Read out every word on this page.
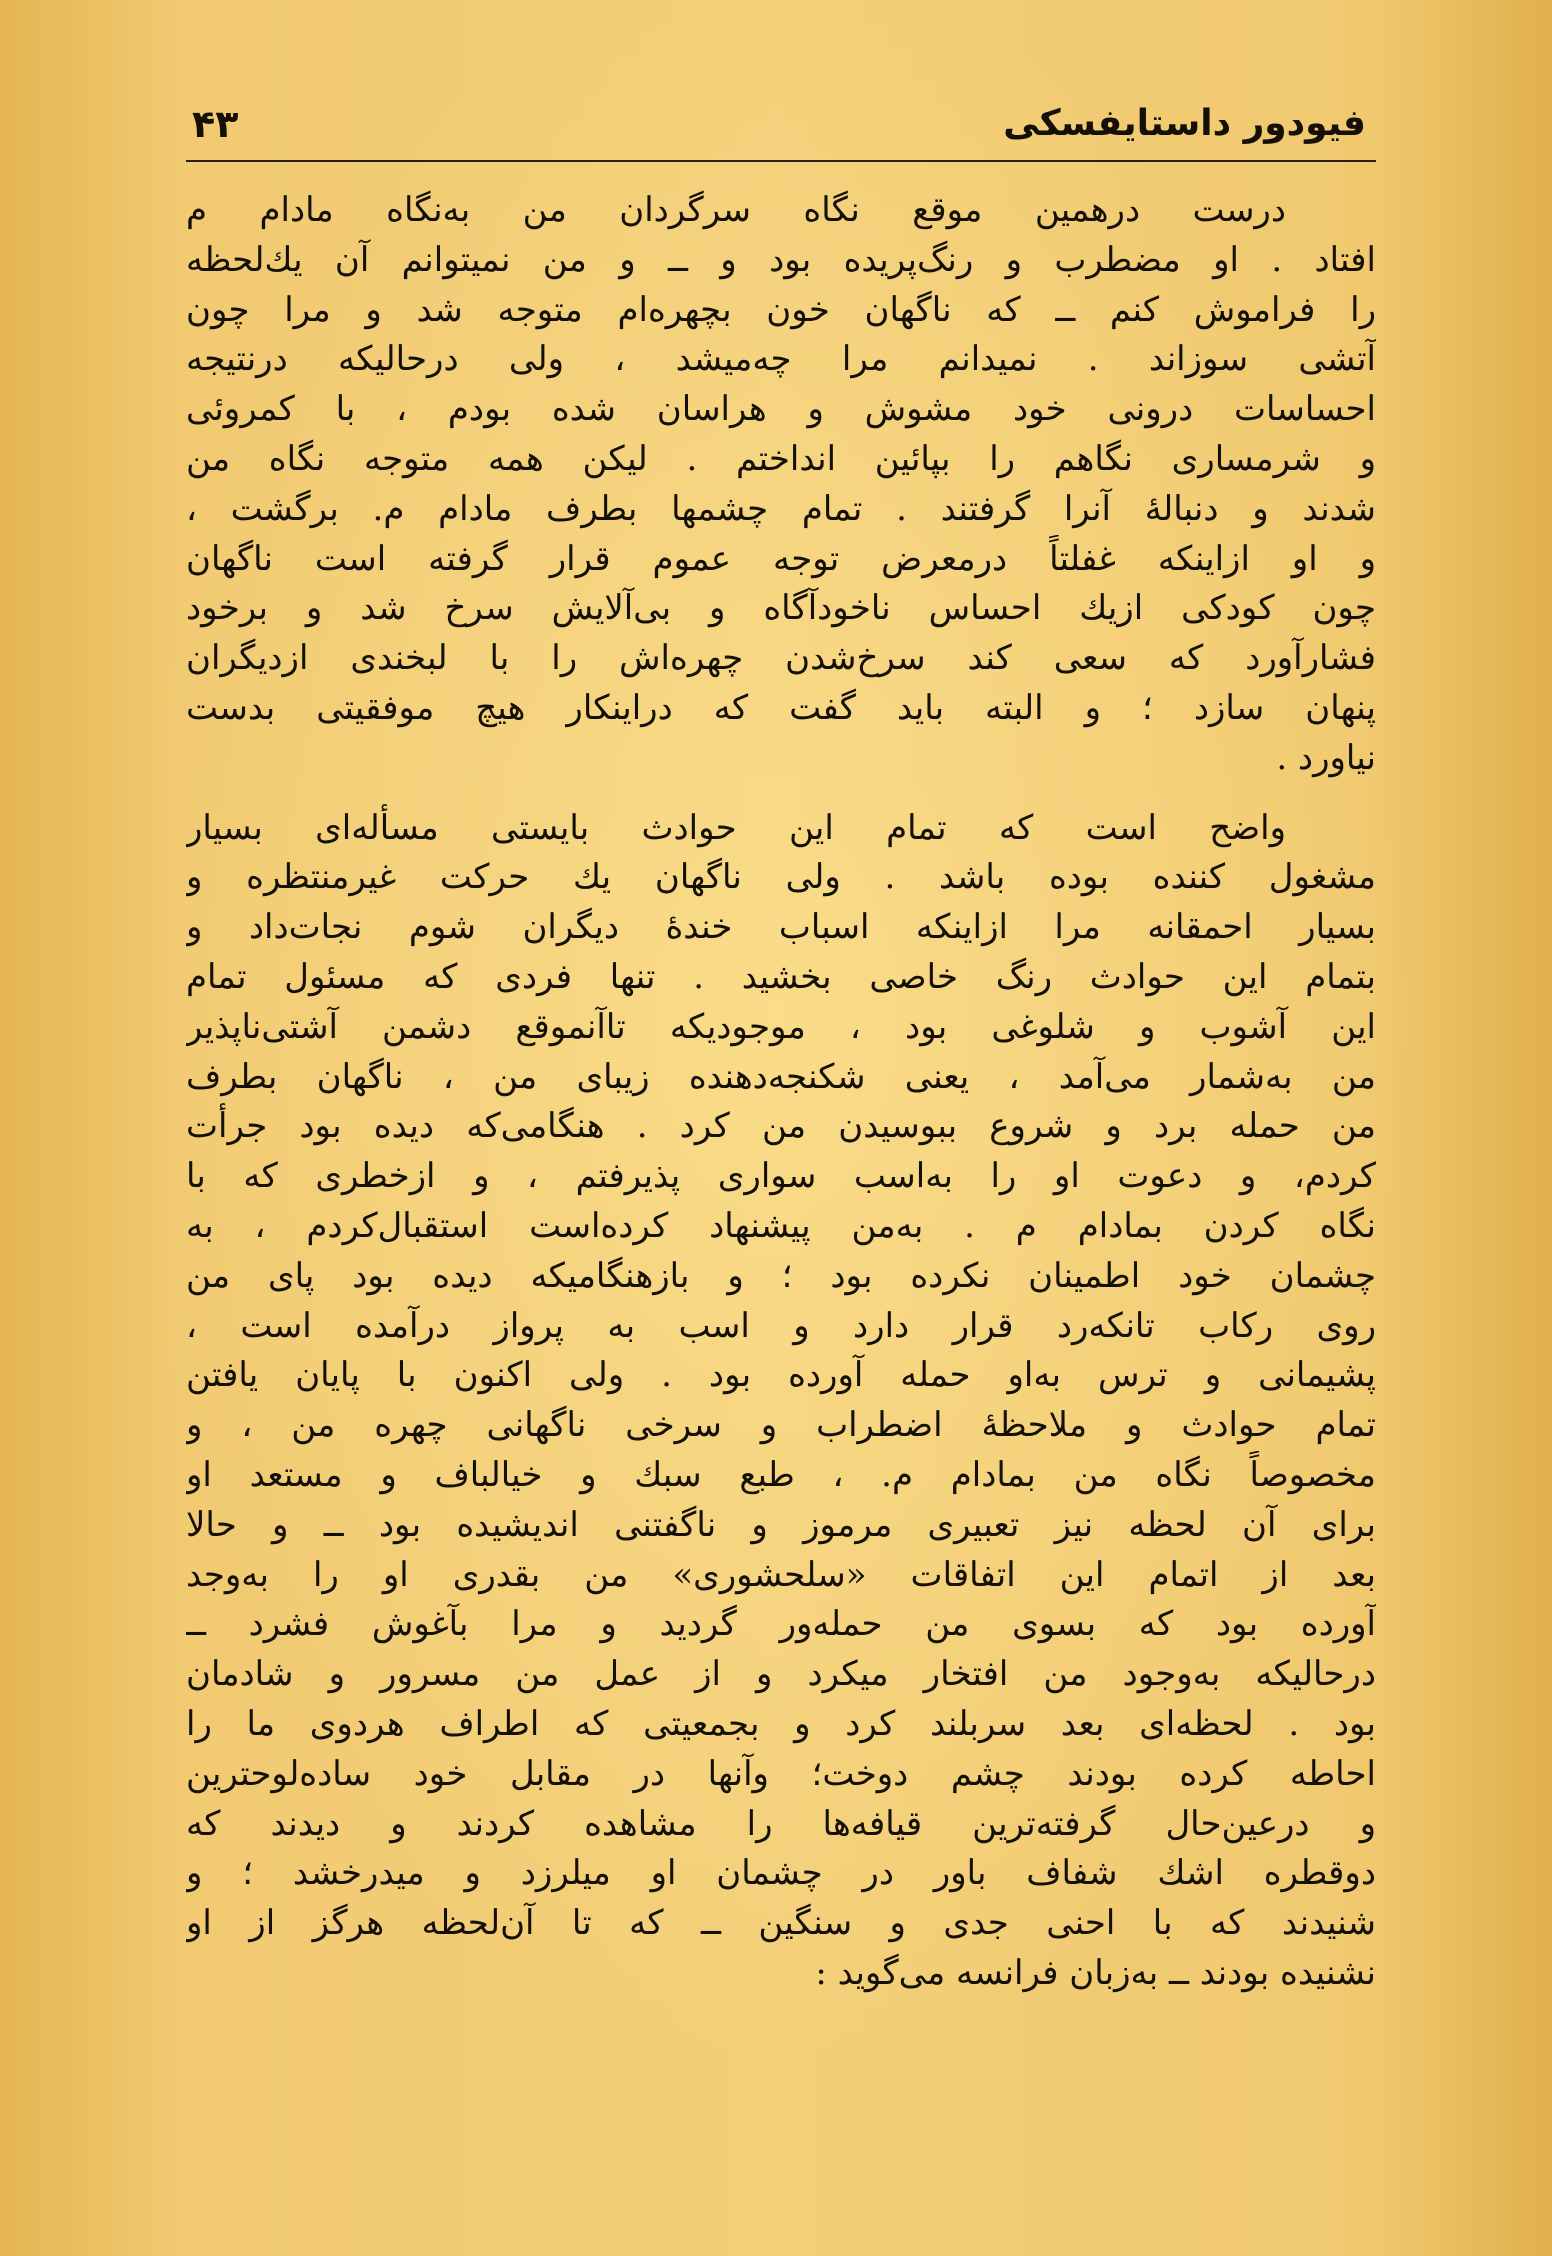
فیودور داستایفسکی
۴۳
درست درهمین موقع نگاه سرگردان من به‌نگاه مادام م
افتاد . او مضطرب و رنگ‌پریده بود و ــ و من نمیتوانم آن یك‌لحظه
را فراموش کنم ــ که ناگهان خون بچهره‌ام متوجه شد و مرا چون
آتشی سوزاند . نمیدانم مرا چه‌میشد ، ولی درحالیکه درنتیجه
احساسات درونی خود مشوش و هراسان شده بودم ، با کمروئی
و شرمساری نگاهم را بپائین انداختم . لیکن همه متوجه نگاه من
شدند و دنبالهٔ آنرا گرفتند . تمام چشمها بطرف مادام م. برگشت ،
و او ازاینکه غفلتاً درمعرض توجه عموم قرار گرفته است ناگهان
چون کودکی ازیك احساس ناخودآگاه و بی‌آلایش سرخ شد و برخود
فشارآورد که سعی کند سرخ‌شدن چهره‌اش را با لبخندی ازدیگران
پنهان سازد ؛ و البته باید گفت که دراینکار هیچ موفقیتی بدست
نیاورد .
واضح است که تمام این حوادث بایستی مسأله‌ای بسیار
مشغول کننده بوده باشد . ولی ناگهان یك حرکت غیرمنتظره و
بسیار احمقانه مرا ازاینکه اسباب خندهٔ دیگران شوم نجات‌داد و
بتمام این حوادث رنگ خاصی بخشید . تنها فردی که مسئول تمام
این آشوب و شلوغی بود ، موجودیکه تاآنموقع دشمن آشتی‌ناپذیر
من به‌شمار می‌آمد ، یعنی شکنجه‌دهنده زیبای من ، ناگهان بطرف
من حمله برد و شروع ببوسیدن من کرد . هنگامی‌که دیده بود جرأت
کردم، و دعوت او را به‌اسب سواری پذیرفتم ، و ازخطری که با
نگاه کردن بمادام م . به‌من پیشنهاد کرده‌است استقبال‌کردم ، به
چشمان خود اطمینان نکرده بود ؛ و بازهنگامیکه دیده بود پای من
روی رکاب تانکه‌رد قرار دارد و اسب به پرواز درآمده است ،
پشیمانی و ترس به‌او حمله آورده بود . ولی اکنون با پایان یافتن
تمام حوادث و ملاحظهٔ اضطراب و سرخی ناگهانی چهره من ، و
مخصوصاً نگاه من بمادام م. ، طبع سبك و خیالباف و مستعد او
برای آن لحظه نیز تعبیری مرموز و ناگفتنی اندیشیده بود ــ و حالا
بعد از اتمام این اتفاقات «سلحشوری» من بقدری او را به‌وجد
آورده بود که بسوی من حمله‌ور گردید و مرا بآغوش فشرد ــ
درحالیکه به‌وجود من افتخار میکرد و از عمل من مسرور و شادمان
بود . لحظه‌ای بعد سربلند کرد و بجمعیتی که اطراف هردوی ما را
احاطه کرده بودند چشم دوخت؛ وآنها در مقابل خود ساده‌لوحترین
و درعین‌حال گرفته‌ترین قیافه‌ها را مشاهده کردند و دیدند که
دوقطره اشك شفاف باور در چشمان او میلرزد و میدرخشد ؛ و
شنیدند که با احنی جدی و سنگین ــ که تا آن‌لحظه هرگز از او
نشنیده بودند ــ به‌زبان فرانسه می‌گوید :
